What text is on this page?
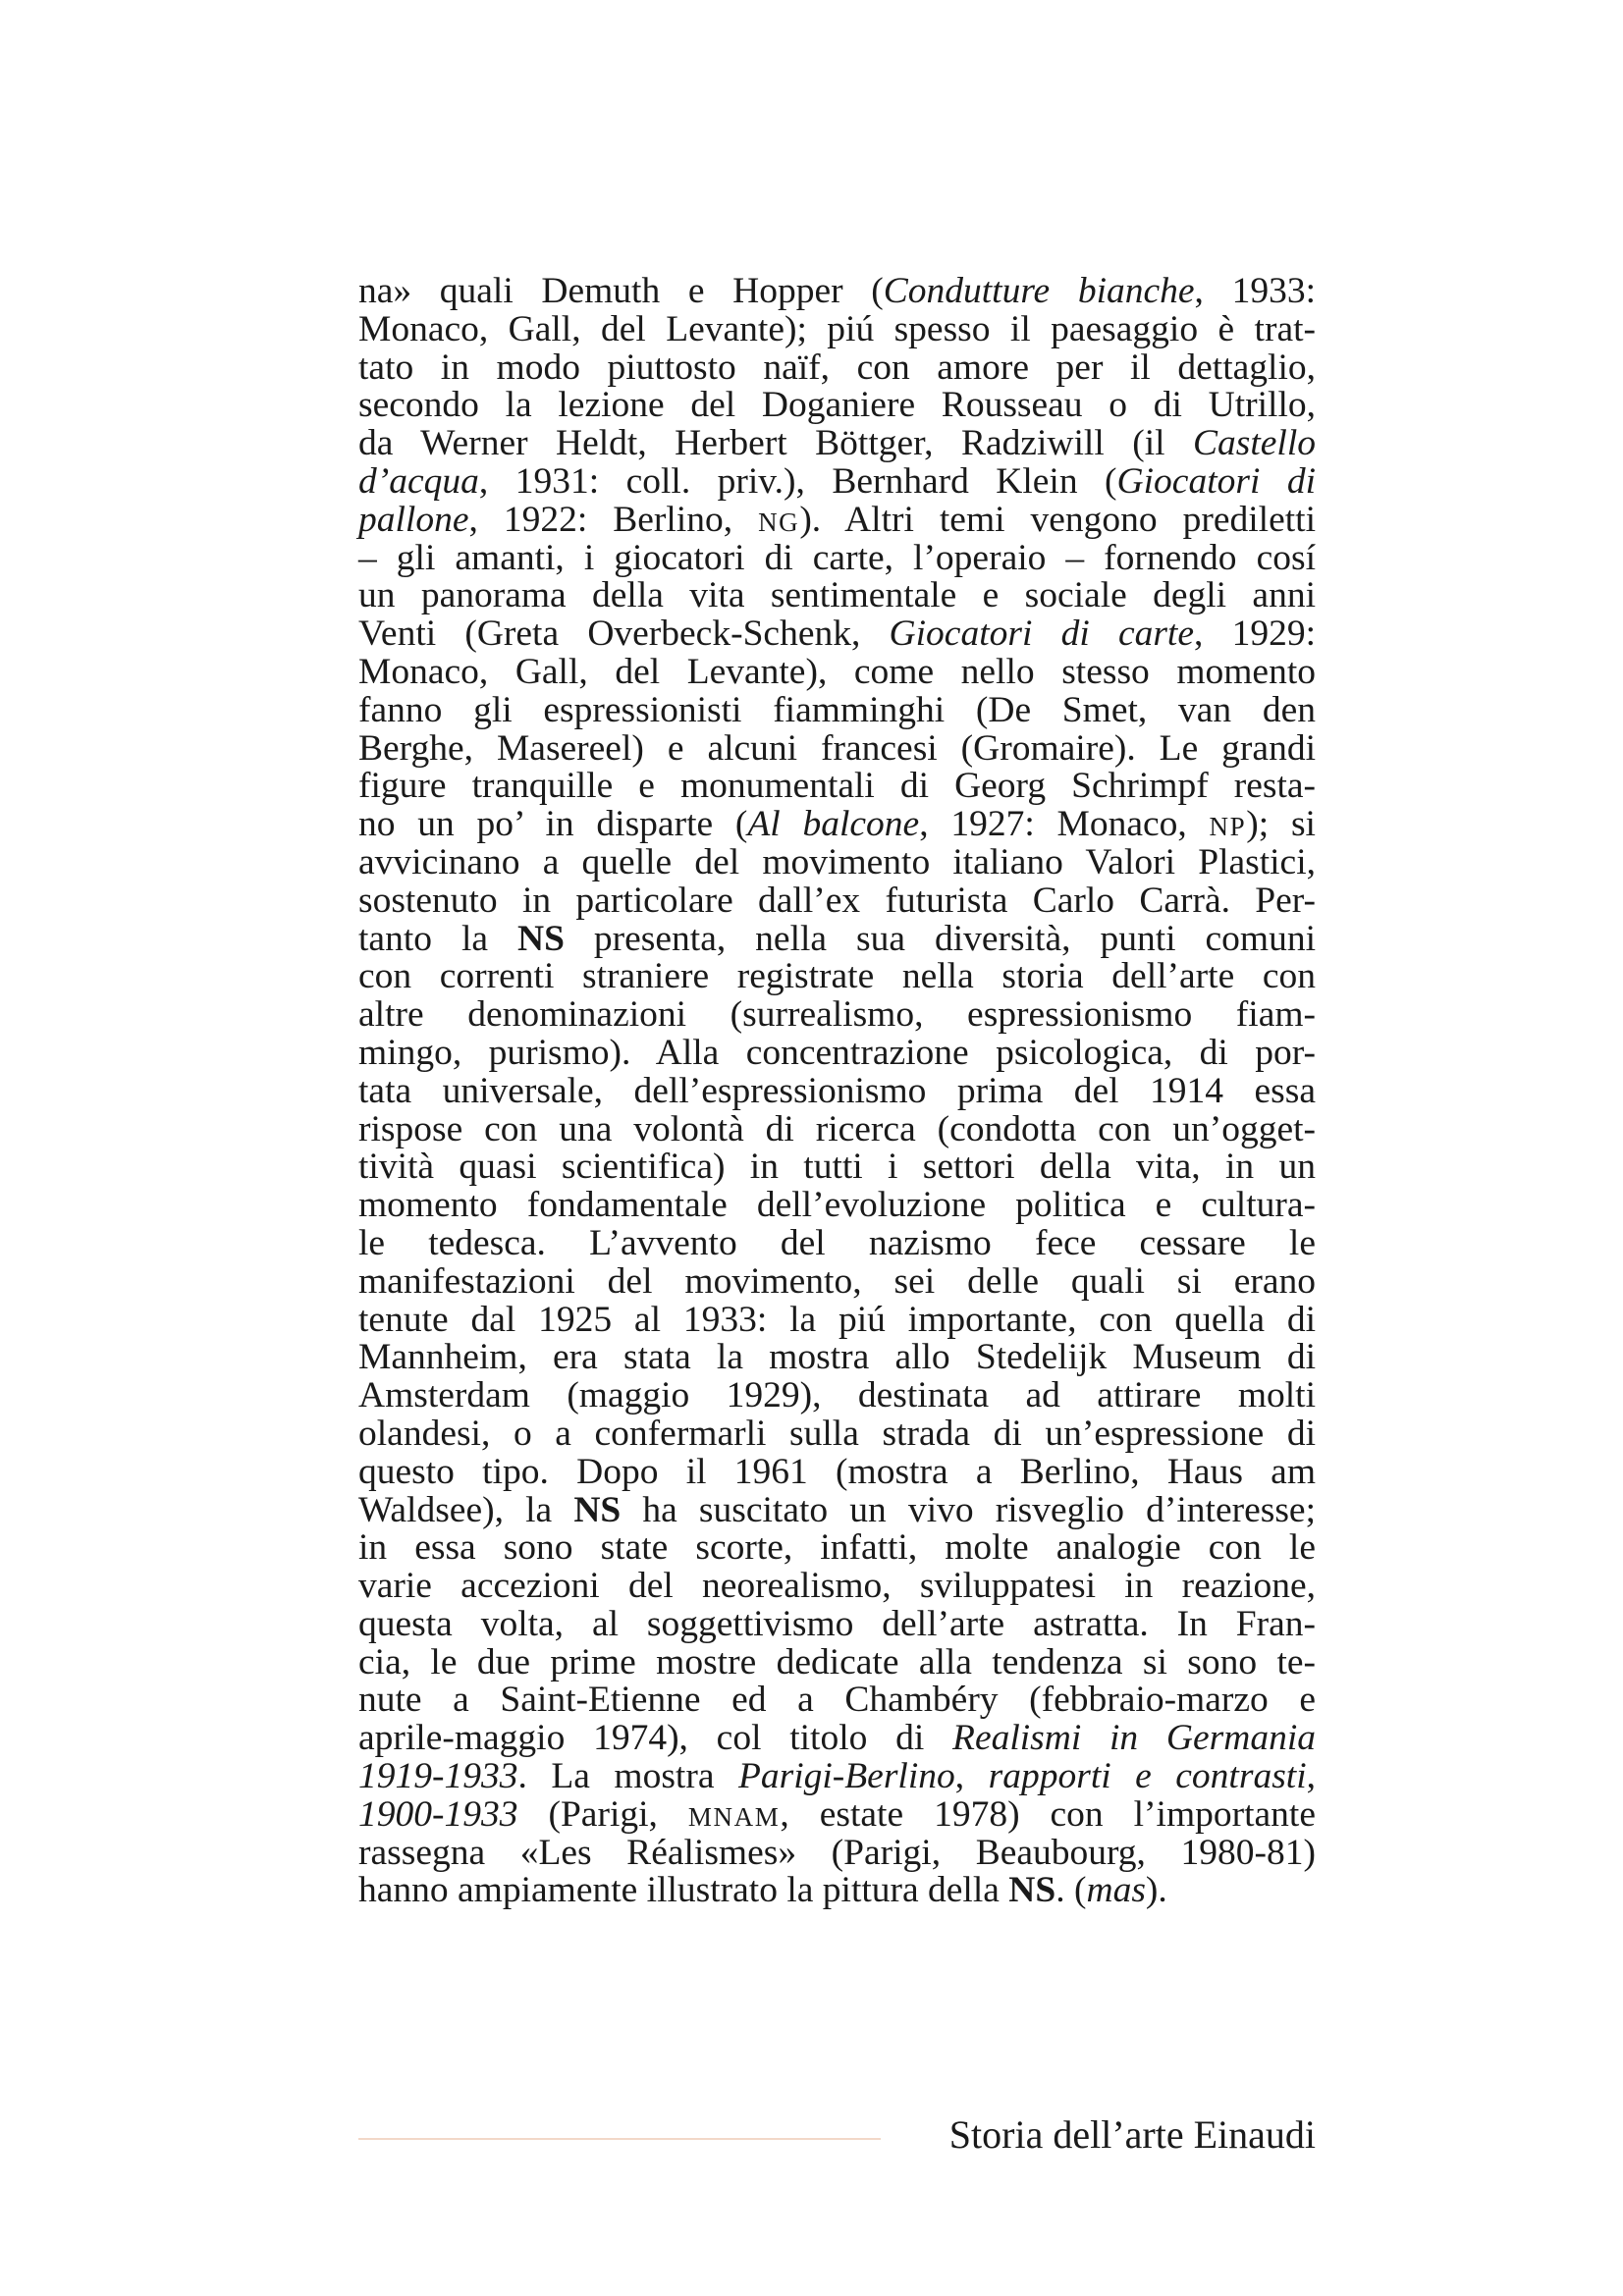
na» quali Demuth e Hopper (Condutture bianche, 1933:
Monaco, Gall, del Levante); piú spesso il paesaggio è trat-
tato in modo piuttosto naïf, con amore per il dettaglio,
secondo la lezione del Doganiere Rousseau o di Utrillo,
da Werner Heldt, Herbert Böttger, Radziwill (il Castello
d’acqua, 1931: coll. priv.), Bernhard Klein (Giocatori di
pallone, 1922: Berlino, NG). Altri temi vengono prediletti
– gli amanti, i giocatori di carte, l’operaio – fornendo cosí
un panorama della vita sentimentale e sociale degli anni
Venti (Greta Overbeck-Schenk, Giocatori di carte, 1929:
Monaco, Gall, del Levante), come nello stesso momento
fanno gli espressionisti fiamminghi (De Smet, van den
Berghe, Masereel) e alcuni francesi (Gromaire). Le grandi
figure tranquille e monumentali di Georg Schrimpf resta-
no un po’ in disparte (Al balcone, 1927: Monaco, NP); si
avvicinano a quelle del movimento italiano Valori Plastici,
sostenuto in particolare dall’ex futurista Carlo Carrà. Per-
tanto la NS presenta, nella sua diversità, punti comuni
con correnti straniere registrate nella storia dell’arte con
altre denominazioni (surrealismo, espressionismo fiam-
mingo, purismo). Alla concentrazione psicologica, di por-
tata universale, dell’espressionismo prima del 1914 essa
rispose con una volontà di ricerca (condotta con un’ogget-
tività quasi scientifica) in tutti i settori della vita, in un
momento fondamentale dell’evoluzione politica e cultura-
le tedesca. L’avvento del nazismo fece cessare le
manifestazioni del movimento, sei delle quali si erano
tenute dal 1925 al 1933: la piú importante, con quella di
Mannheim, era stata la mostra allo Stedelijk Museum di
Amsterdam (maggio 1929), destinata ad attirare molti
olandesi, o a confermarli sulla strada di un’espressione di
questo tipo. Dopo il 1961 (mostra a Berlino, Haus am
Waldsee), la NS ha suscitato un vivo risveglio d’interesse;
in essa sono state scorte, infatti, molte analogie con le
varie accezioni del neorealismo, sviluppatesi in reazione,
questa volta, al soggettivismo dell’arte astratta. In Fran-
cia, le due prime mostre dedicate alla tendenza si sono te-
nute a Saint-Etienne ed a Chambéry (febbraio-marzo e
aprile-maggio 1974), col titolo di Realismi in Germania
1919-1933. La mostra Parigi-Berlino, rapporti e contrasti,
1900-1933 (Parigi, MNAM, estate 1978) con l’importante
rassegna «Les Réalismes» (Parigi, Beaubourg, 1980-81)
hanno ampiamente illustrato la pittura della NS. (mas).
Storia dell’arte Einaudi
